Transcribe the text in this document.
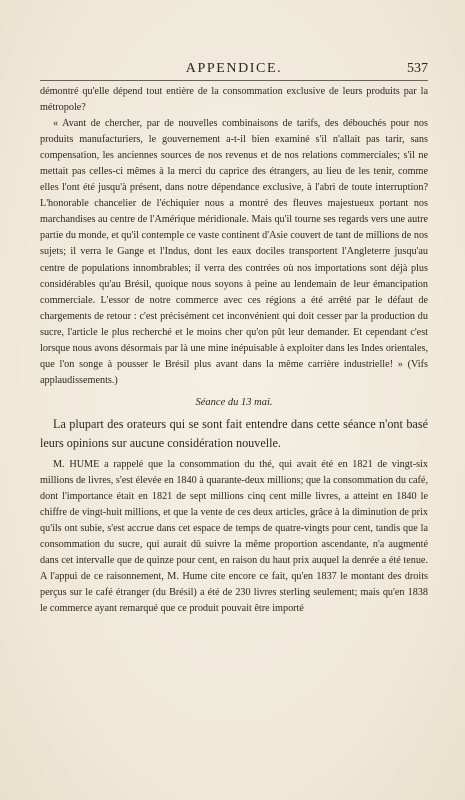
APPENDICE.	537

démontré qu'elle dépend tout entière de la consommation exclusive de leurs produits par la métropole?

« Avant de chercher, par de nouvelles combinaisons de tarifs, des débouchés pour nos produits manufacturiers, le gouvernement a-t-il bien examiné s'il n'allait pas tarir, sans compensation, les anciennes sources de nos revenus et de nos relations commerciales; s'il ne mettait pas celles-ci mêmes à la merci du caprice des étrangers, au lieu de les tenir, comme elles l'ont été jusqu'à présent, dans notre dépendance exclusive, à l'abri de toute interruption? L'honorable chancelier de l'échiquier nous a montré des fleuves majestueux portant nos marchandises au centre de l'Amérique méridionale. Mais qu'il tourne ses regards vers une autre partie du monde, et qu'il contemple ce vaste continent d'Asie couvert de tant de millions de nos sujets; il verra le Gange et l'Indus, dont les eaux dociles transportent l'Angleterre jusqu'au centre de populations innombrables; il verra des contrées où nos importations sont déjà plus considérables qu'au Brésil, quoique nous soyons à peine au lendemain de leur émancipation commerciale. L'essor de notre commerce avec ces régions a été arrêté par le défaut de chargements de retour : c'est précisément cet inconvénient qui doit cesser par la production du sucre, l'article le plus recherché et le moins cher qu'on pût leur demander. Et cependant c'est lorsque nous avons désormais par là une mine inépuisable à exploiter dans les Indes orientales, que l'on songe à pousser le Brésil plus avant dans la même carrière industrielle! » (Vifs applaudissements.)

Séance du 13 mai.

La plupart des orateurs qui se sont fait entendre dans cette séance n'ont basé leurs opinions sur aucune considération nouvelle.

M. HUME a rappelé que la consommation du thé, qui avait été en 1821 de vingt-six millions de livres, s'est élevée en 1840 à quarante-deux millions; que la consommation du café, dont l'importance était en 1821 de sept millions cinq cent mille livres, a atteint en 1840 le chiffre de vingt-huit millions, et que la vente de ces deux articles, grâce à la diminution de prix qu'ils ont subie, s'est accrue dans cet espace de temps de quatre-vingts pour cent, tandis que la consommation du sucre, qui aurait dû suivre la même proportion ascendante, n'a augmenté dans cet intervalle que de quinze pour cent, en raison du haut prix auquel la denrée a été tenue. A l'appui de ce raisonnement, M. Hume cite encore ce fait, qu'en 1837 le montant des droits perçus sur le café étranger (du Brésil) a été de 230 livres sterling seulement; mais qu'en 1838 le commerce ayant remarqué que ce produit pouvait être importé
